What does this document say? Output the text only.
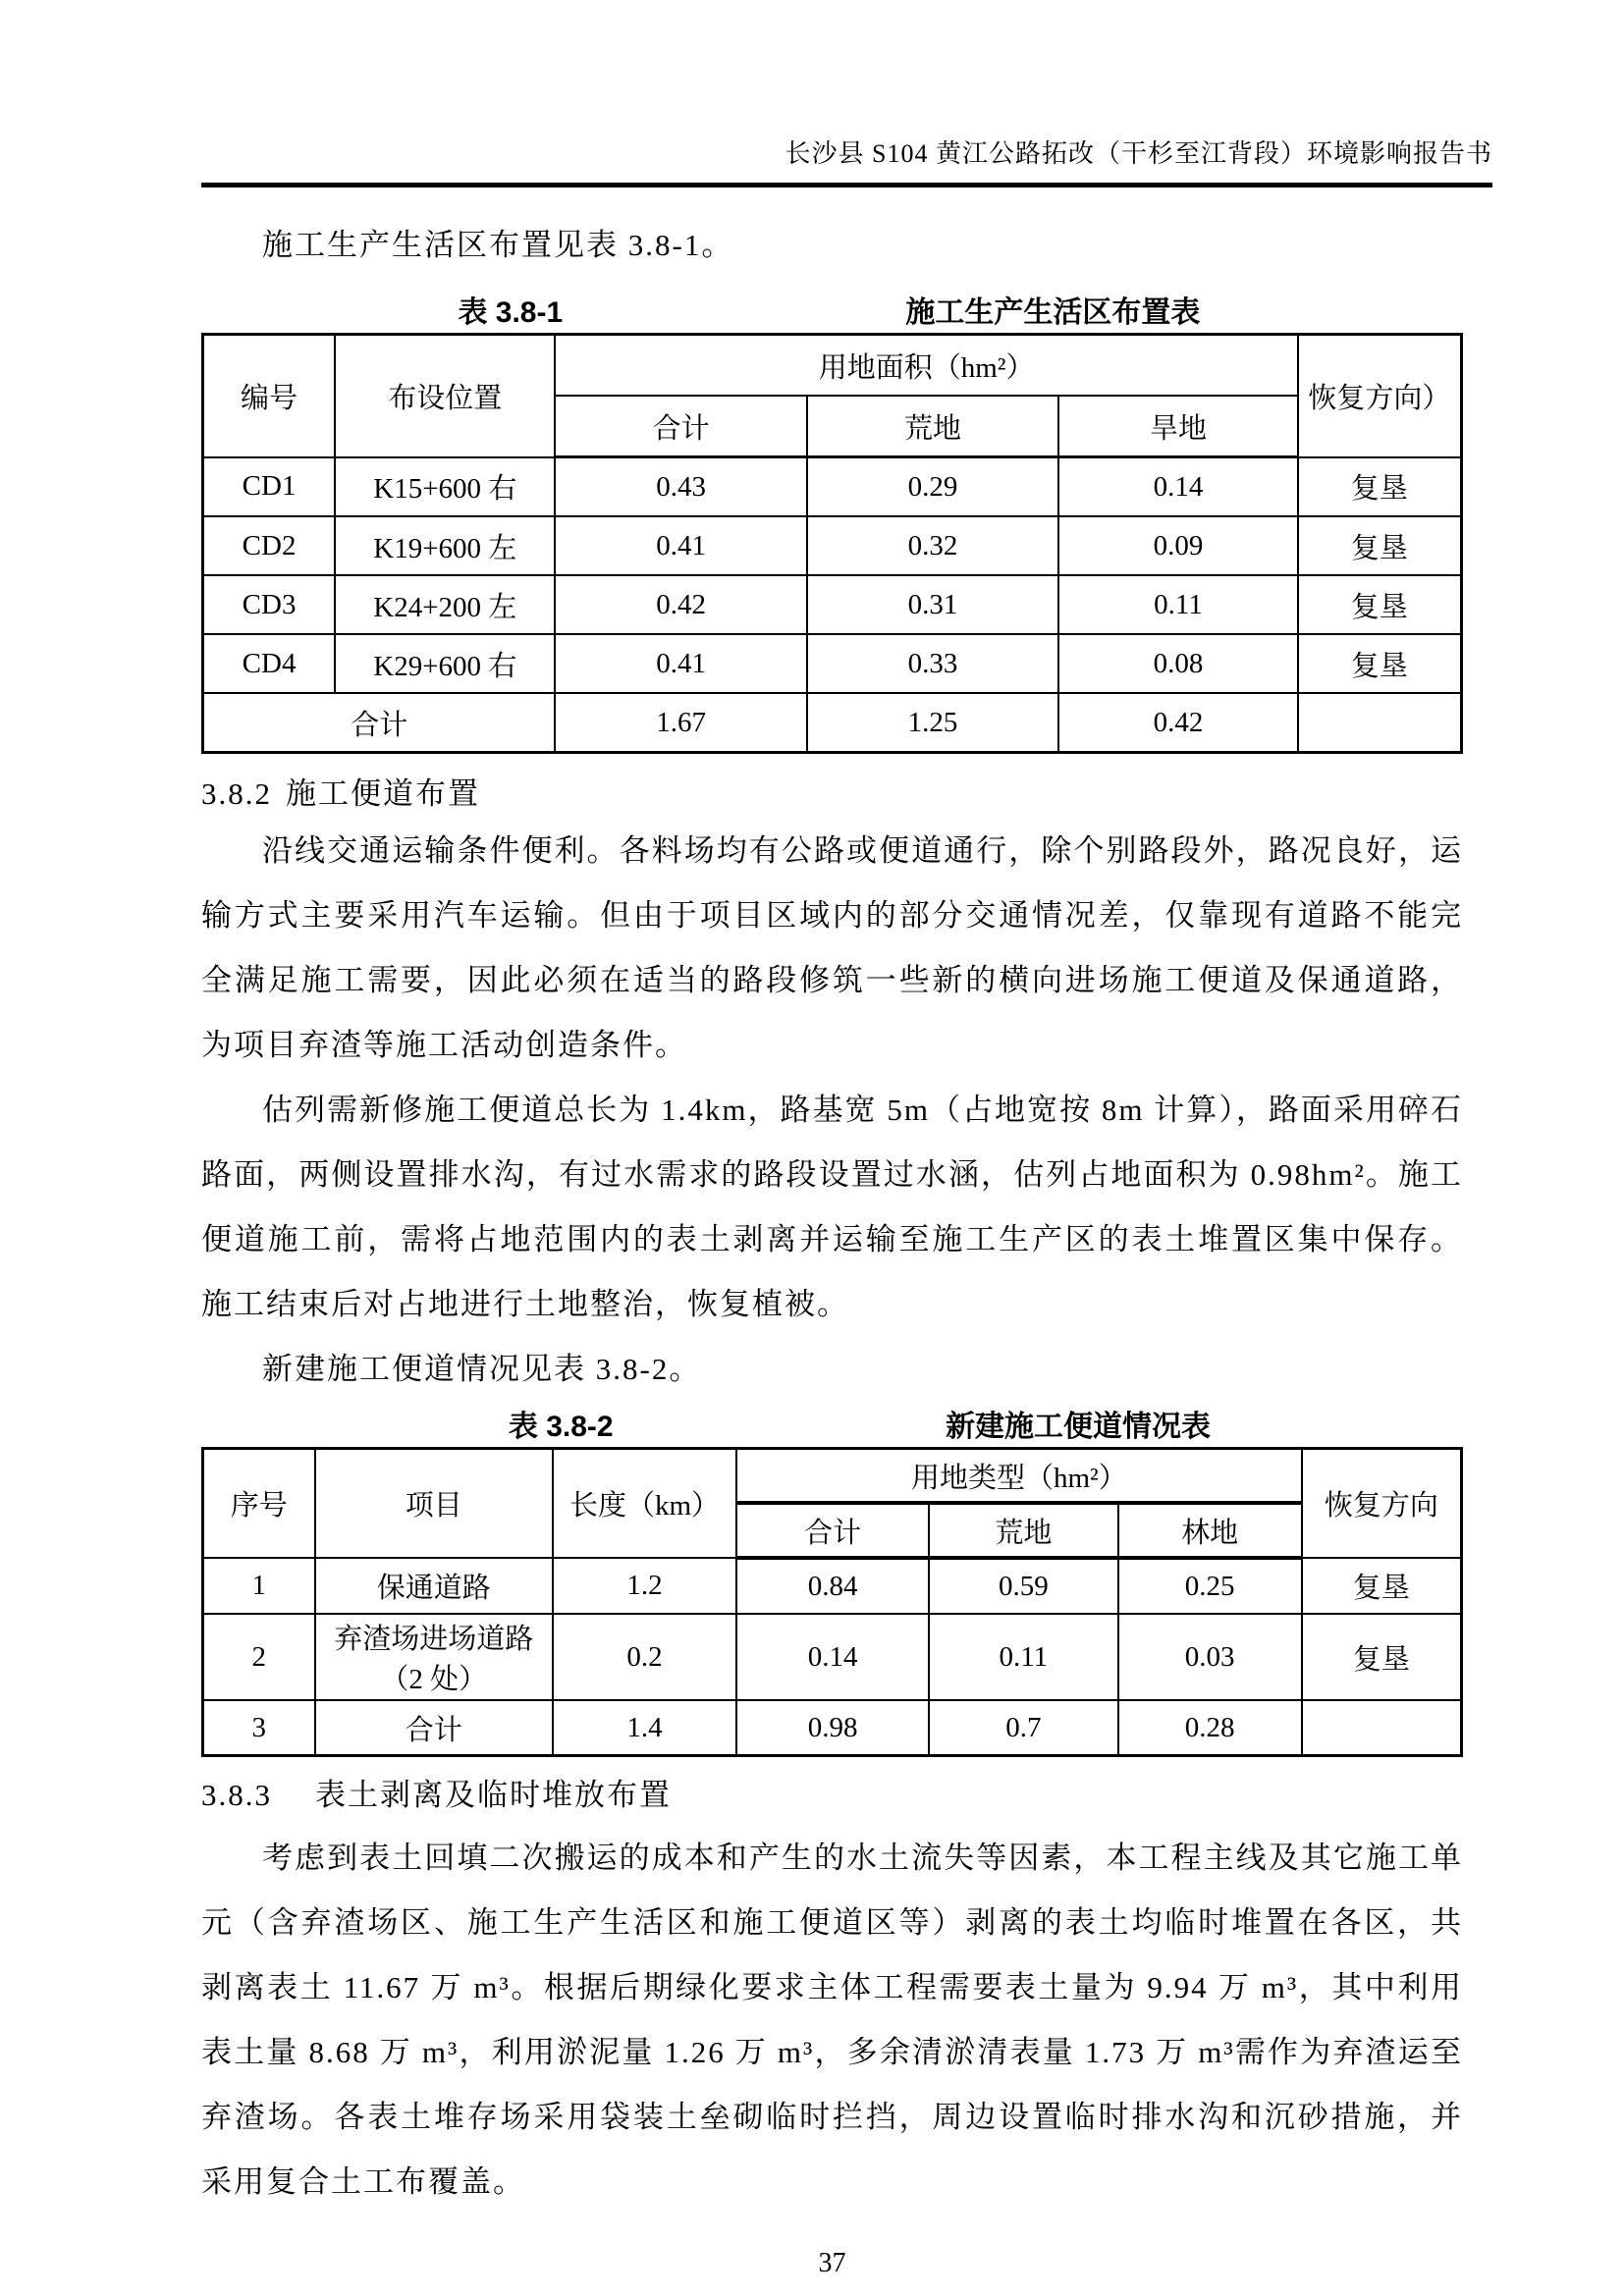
长沙县 S104 黄江公路拓改（干杉至江背段）环境影响报告书

施工生产生活区布置见表 3.8-1。

表 3.8-1	施工生产生活区布置表
编号	布设位置	用地面积（hm²）			恢复方向）
		合计	荒地	旱地	
CD1	K15+600 右	0.43	0.29	0.14	复垦
CD2	K19+600 左	0.41	0.32	0.09	复垦
CD3	K24+200 左	0.42	0.31	0.11	复垦
CD4	K29+600 右	0.41	0.33	0.08	复垦
合计		1.67	1.25	0.42	
3.8.2 施工便道布置

沿线交通运输条件便利。各料场均有公路或便道通行，除个别路段外，路况良好，运输方式主要采用汽车运输。但由于项目区域内的部分交通情况差，仅靠现有道路不能完全满足施工需要，因此必须在适当的路段修筑一些新的横向进场施工便道及保通道路，为项目弃渣等施工活动创造条件。

估列需新修施工便道总长为 1.4km，路基宽 5m（占地宽按 8m 计算），路面采用碎石路面，两侧设置排水沟，有过水需求的路段设置过水涵，估列占地面积为 0.98hm²。施工便道施工前，需将占地范围内的表土剥离并运输至施工生产区的表土堆置区集中保存。施工结束后对占地进行土地整治，恢复植被。

新建施工便道情况见表 3.8-2。

表 3.8-2	新建施工便道情况表
序号	项目	长度（km）	用地类型（hm²）			恢复方向
			合计	荒地	林地	
1	保通道路	1.2	0.84	0.59	0.25	复垦
2	弃渣场进场道路（2 处）	0.2	0.14	0.11	0.03	复垦
3	合计	1.4	0.98	0.7	0.28	
3.8.3 表土剥离及临时堆放布置

考虑到表土回填二次搬运的成本和产生的水土流失等因素，本工程主线及其它施工单元（含弃渣场区、施工生产生活区和施工便道区等）剥离的表土均临时堆置在各区，共剥离表土 11.67 万 m³。根据后期绿化要求主体工程需要表土量为 9.94 万 m³，其中利用表土量 8.68 万 m³，利用淤泥量 1.26 万 m³，多余清淤清表量 1.73 万 m³需作为弃渣运至弃渣场。各表土堆存场采用袋装土垒砌临时拦挡，周边设置临时排水沟和沉砂措施，并采用复合土工布覆盖。

37
